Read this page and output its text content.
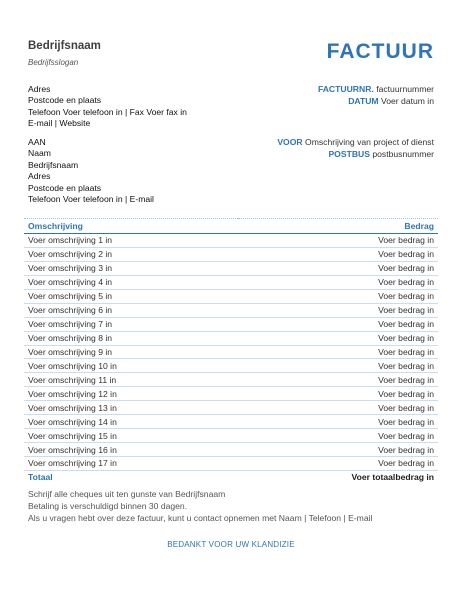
Bedrijfsnaam
Bedrijfsslogan	FACTUUR
Adres
Postcode en plaats
Telefoon Voer telefoon in | Fax Voer fax in
E-mail | Website
FACTUURNR. factuurnummer
DATUM Voer datum in
AAN
Naam
Bedrijfsnaam
Adres
Postcode en plaats
Telefoon Voer telefoon in | E-mail
VOOR Omschrijving van project of dienst
POSTBUS postbusnummer
Omschrijving	Bedrag
Voer omschrijving 1 in	Voer bedrag in
Voer omschrijving 2 in	Voer bedrag in
Voer omschrijving 3 in	Voer bedrag in
Voer omschrijving 4 in	Voer bedrag in
Voer omschrijving 5 in	Voer bedrag in
Voer omschrijving 6 in	Voer bedrag in
Voer omschrijving 7 in	Voer bedrag in
Voer omschrijving 8 in	Voer bedrag in
Voer omschrijving 9 in	Voer bedrag in
Voer omschrijving 10 in	Voer bedrag in
Voer omschrijving 11 in	Voer bedrag in
Voer omschrijving 12 in	Voer bedrag in
Voer omschrijving 13 in	Voer bedrag in
Voer omschrijving 14 in	Voer bedrag in
Voer omschrijving 15 in	Voer bedrag in
Voer omschrijving 16 in	Voer bedrag in
Voer omschrijving 17 in	Voer bedrag in
Totaal	Voer totaalbedrag in
Schrijf alle cheques uit ten gunste van Bedrijfsnaam
Betaling is verschuldigd binnen 30 dagen.
Als u vragen hebt over deze factuur, kunt u contact opnemen met Naam | Telefoon | E-mail
BEDANKT VOOR UW KLANDIZIE
